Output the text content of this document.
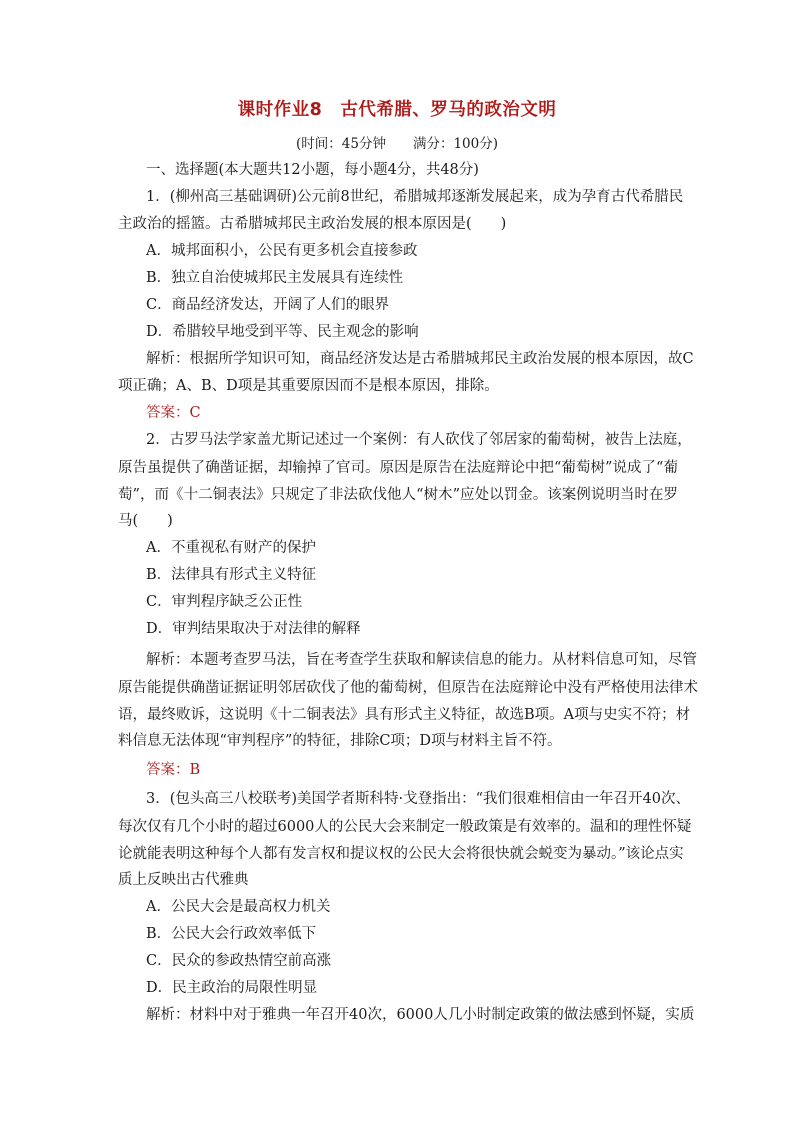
课时作业8　古代希腊、罗马的政治文明
(时间：45分钟　　满分：100分)
一、选择题(本大题共12小题，每小题4分，共48分)
1．(柳州高三基础调研)公元前8世纪，希腊城邦逐渐发展起来，成为孕育古代希腊民
主政治的摇篮。古希腊城邦民主政治发展的根本原因是(　　)
A．城邦面积小，公民有更多机会直接参政
B．独立自治使城邦民主发展具有连续性
C．商品经济发达，开阔了人们的眼界
D．希腊较早地受到平等、民主观念的影响
解析：根据所学知识可知，商品经济发达是古希腊城邦民主政治发展的根本原因，故C
项正确；A、B、D项是其重要原因而不是根本原因，排除。
答案：C
2．古罗马法学家盖尤斯记述过一个案例：有人砍伐了邻居家的葡萄树，被告上法庭，
原告虽提供了确凿证据，却输掉了官司。原因是原告在法庭辩论中把“葡萄树”说成了“葡
萄”，而《十二铜表法》只规定了非法砍伐他人“树木”应处以罚金。该案例说明当时在罗
马(　　)
A．不重视私有财产的保护
B．法律具有形式主义特征
C．审判程序缺乏公正性
D．审判结果取决于对法律的解释
解析：本题考查罗马法，旨在考查学生获取和解读信息的能力。从材料信息可知，尽管
原告能提供确凿证据证明邻居砍伐了他的葡萄树，但原告在法庭辩论中没有严格使用法律术
语，最终败诉，这说明《十二铜表法》具有形式主义特征，故选B项。A项与史实不符；材
料信息无法体现“审判程序”的特征，排除C项；D项与材料主旨不符。
答案：B
3．(包头高三八校联考)美国学者斯科特·戈登指出：“我们很难相信由一年召开40次、
每次仅有几个小时的超过6000人的公民大会来制定一般政策是有效率的。温和的理性怀疑
论就能表明这种每个人都有发言权和提议权的公民大会将很快就会蜕变为暴动。”该论点实
质上反映出古代雅典
A．公民大会是最高权力机关
B．公民大会行政效率低下
C．民众的参政热情空前高涨
D．民主政治的局限性明显
解析：材料中对于雅典一年召开40次，6000人几小时制定政策的做法感到怀疑，实质
